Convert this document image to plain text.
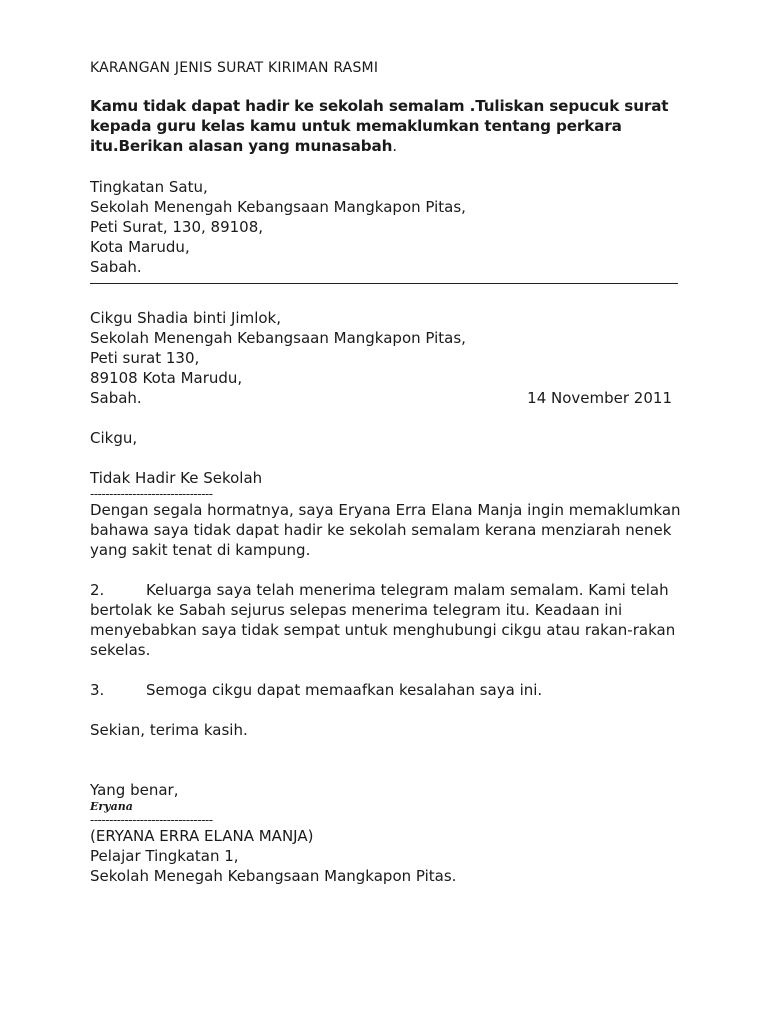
KARANGAN JENIS SURAT KIRIMAN RASMI
Kamu tidak dapat hadir ke sekolah semalam .Tuliskan sepucuk surat kepada guru kelas kamu untuk memaklumkan tentang perkara itu.Berikan alasan yang munasabah.
Tingkatan Satu,
Sekolah Menengah Kebangsaan Mangkapon Pitas,
Peti Surat, 130, 89108,
Kota Marudu,
Sabah.
Cikgu Shadia binti Jimlok,
Sekolah Menengah Kebangsaan Mangkapon Pitas,
Peti surat 130,
89108 Kota Marudu,
Sabah.	14 November 2011
Cikgu,
Tidak Hadir Ke Sekolah
--------------------------------
Dengan segala hormatnya, saya Eryana Erra Elana Manja ingin memaklumkan bahawa saya tidak dapat hadir ke sekolah semalam kerana menziarah nenek yang sakit tenat di kampung.
2.	Keluarga saya telah menerima telegram malam semalam. Kami telah bertolak ke Sabah sejurus selepas menerima telegram itu. Keadaan ini menyebabkan saya tidak sempat untuk menghubungi cikgu atau rakan-rakan sekelas.
3.	Semoga cikgu dapat memaafkan kesalahan saya ini.
Sekian, terima kasih.
Yang benar,
Eryana
--------------------------------
(ERYANA ERRA ELANA MANJA)
Pelajar Tingkatan 1,
Sekolah Menegah Kebangsaan Mangkapon Pitas.
